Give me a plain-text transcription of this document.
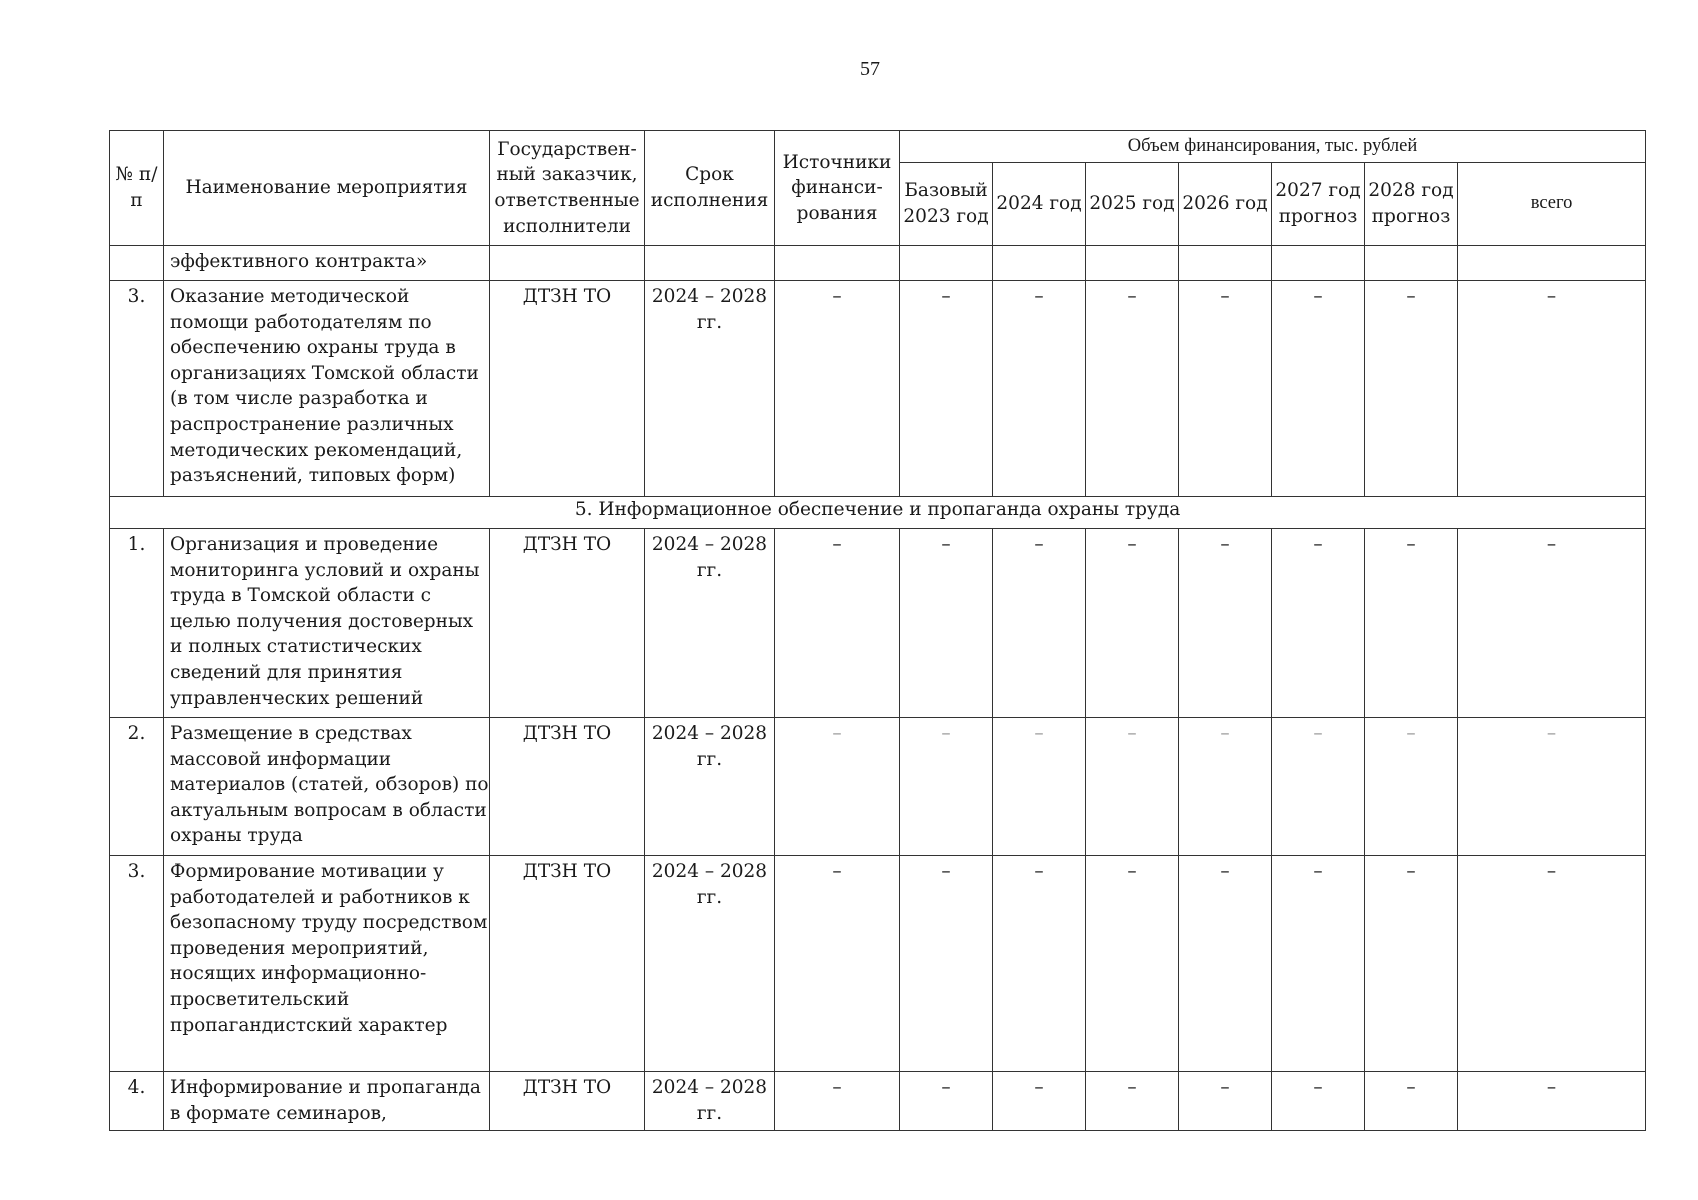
57
№ п/п	Наименование мероприятия	Государствен-ный заказчик, ответственные исполнители	Срок исполнения	Источники финанси-рования	Объем финансирования, тыс. рублей						
					Базовый 2023 год	2024 год	2025 год	2026 год	2027 год прогноз	2028 год прогноз	всего
	эффективного контракта»										
3.	Оказание методической помощи работодателям по обеспечению охраны труда в организациях Томской области (в том числе разработка и распространение различных методических рекомендаций, разъяснений, типовых форм)	ДТЗН ТО	2024 – 2028 гг.	–	–	–	–	–	–	–	–
5. Информационное обеспечение и пропаганда охраны труда											
1.	Организация и проведение мониторинга условий и охраны труда в Томской области с целью получения достоверных и полных статистических сведений для принятия управленческих решений	ДТЗН ТО	2024 – 2028 гг.	–	–	–	–	–	–	–	–
2.	Размещение в средствах массовой информации материалов (статей, обзоров) по актуальным вопросам в области охраны труда	ДТЗН ТО	2024 – 2028 гг.	–	–	–	–	–	–	–	–
3.	Формирование мотивации у работодателей и работников к безопасному труду посредством проведения мероприятий, носящих информационно-просветительский пропагандистский характер	ДТЗН ТО	2024 – 2028 гг.	–	–	–	–	–	–	–	–
4.	Информирование и пропаганда в формате семинаров,	ДТЗН ТО	2024 – 2028 гг.	–	–	–	–	–	–	–	–
